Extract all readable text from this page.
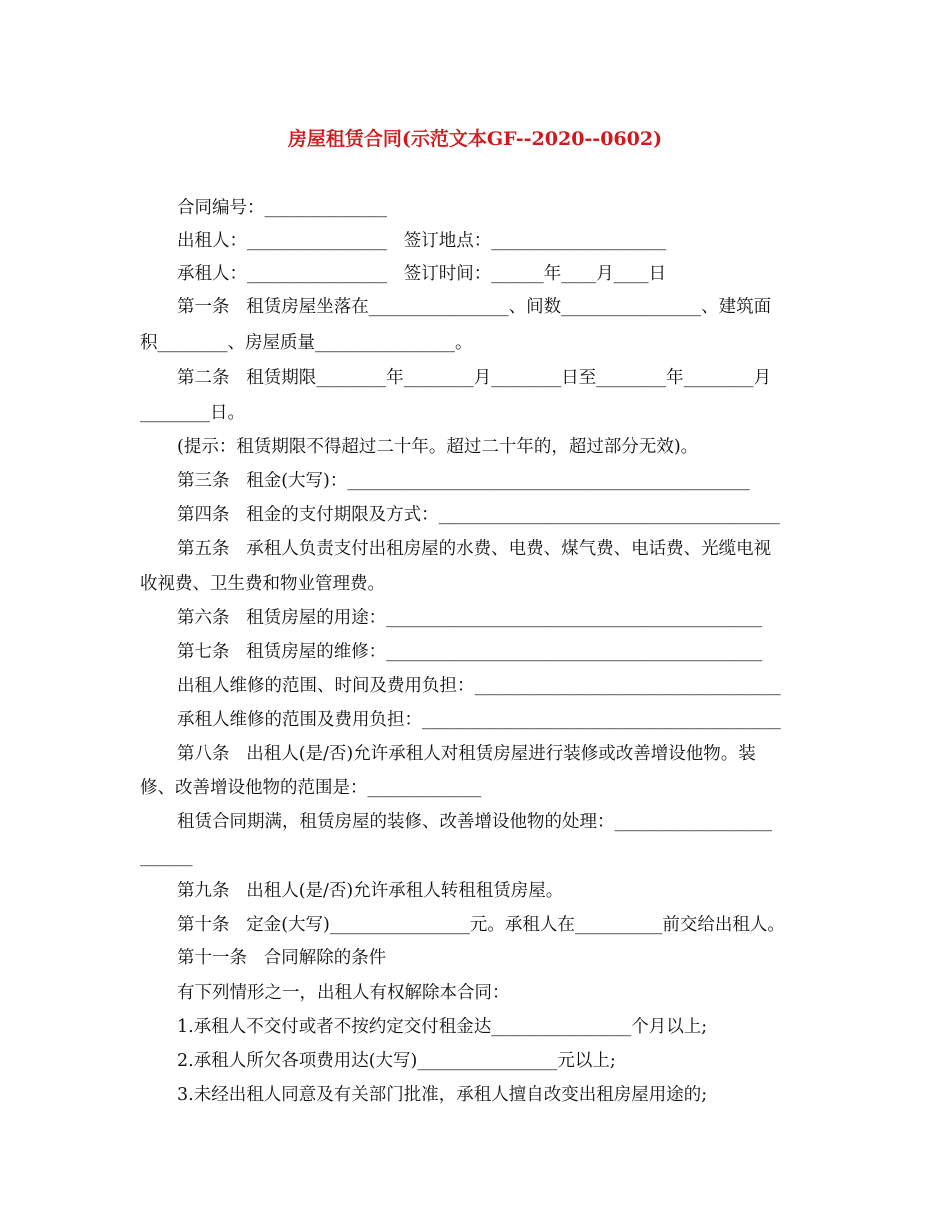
房屋租赁合同(示范文本GF--2020--0602)
合同编号：______________
出租人：________________   签订地点：____________________
承租人：________________   签订时间：______年____月____日
第一条   租赁房屋坐落在________________、间数________________、建筑面
积________、房屋质量________________。
第二条   租赁期限________年________月________日至________年________月
________日。
(提示：租赁期限不得超过二十年。超过二十年的，超过部分无效)。
第三条   租金(大写)：______________________________________________
第四条   租金的支付期限及方式：_______________________________________
第五条   承租人负责支付出租房屋的水费、电费、煤气费、电话费、光缆电视
收视费、卫生费和物业管理费。
第六条   租赁房屋的用途：___________________________________________
第七条   租赁房屋的维修：___________________________________________
出租人维修的范围、时间及费用负担：___________________________________
承租人维修的范围及费用负担：_________________________________________
第八条   出租人(是/否)允许承租人对租赁房屋进行装修或改善增设他物。装
修、改善增设他物的范围是：_____________
租赁合同期满，租赁房屋的装修、改善增设他物的处理：__________________
______
第九条   出租人(是/否)允许承租人转租租赁房屋。
第十条   定金(大写)________________元。承租人在__________前交给出租人。
第十一条   合同解除的条件
有下列情形之一，出租人有权解除本合同：
1.承租人不交付或者不按约定交付租金达________________个月以上;
2.承租人所欠各项费用达(大写)________________元以上;
3.未经出租人同意及有关部门批准，承租人擅自改变出租房屋用途的;
